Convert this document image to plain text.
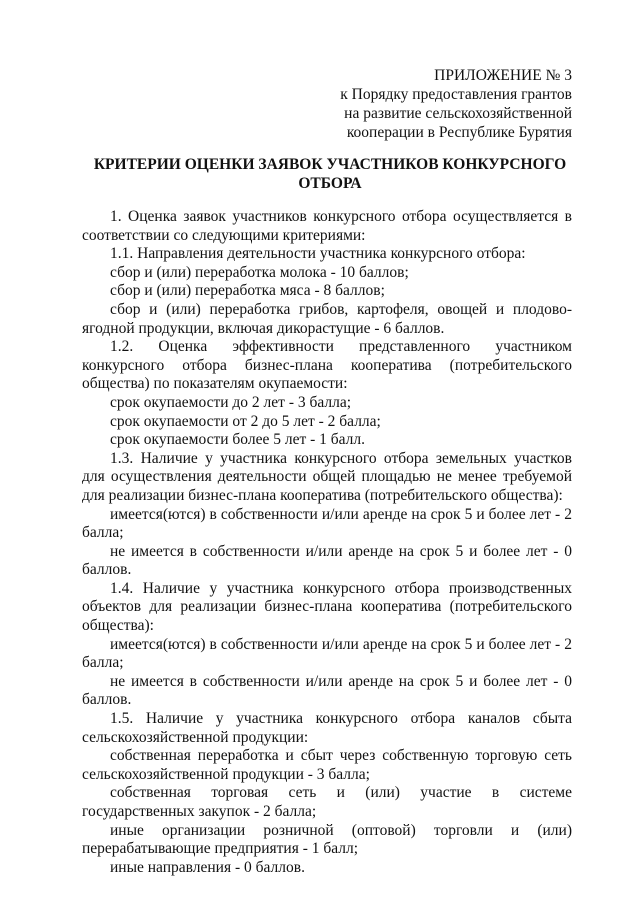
ПРИЛОЖЕНИЕ № 3
к Порядку предоставления грантов
на развитие сельскохозяйственной
кооперации в Республике Бурятия
КРИТЕРИИ ОЦЕНКИ ЗАЯВОК УЧАСТНИКОВ КОНКУРСНОГО
ОТБОРА

1. Оценка заявок участников конкурсного отбора осуществляется в соответствии со следующими критериями:

1.1. Направления деятельности участника конкурсного отбора:

сбор и (или) переработка молока - 10 баллов;

сбор и (или) переработка мяса - 8 баллов;

сбор и (или) переработка грибов, картофеля, овощей и плодово-ягодной продукции, включая дикорастущие - 6 баллов.

1.2. Оценка эффективности представленного участником конкурсного отбора бизнес-плана кооператива (потребительского общества) по показателям окупаемости:

срок окупаемости до 2 лет - 3 балла;

срок окупаемости от 2 до 5 лет - 2 балла;

срок окупаемости более 5 лет - 1 балл.

1.3. Наличие у участника конкурсного отбора земельных участков для осуществления деятельности общей площадью не менее требуемой для реализации бизнес-плана кооператива (потребительского общества):

имеется(ются) в собственности и/или аренде на срок 5 и более лет - 2 балла;

не имеется в собственности и/или аренде на срок 5 и более лет - 0 баллов.

1.4. Наличие у участника конкурсного отбора производственных объектов для реализации бизнес-плана кооператива (потребительского общества):

имеется(ются) в собственности и/или аренде на срок 5 и более лет - 2 балла;

не имеется в собственности и/или аренде на срок 5 и более лет - 0 баллов.

1.5. Наличие у участника конкурсного отбора каналов сбыта сельскохозяйственной продукции:

собственная переработка и сбыт через собственную торговую сеть сельскохозяйственной продукции - 3 балла;

собственная торговая сеть и (или) участие в системе государственных закупок - 2 балла;

иные организации розничной (оптовой) торговли и (или) перерабатывающие предприятия - 1 балл;

иные направления - 0 баллов.
